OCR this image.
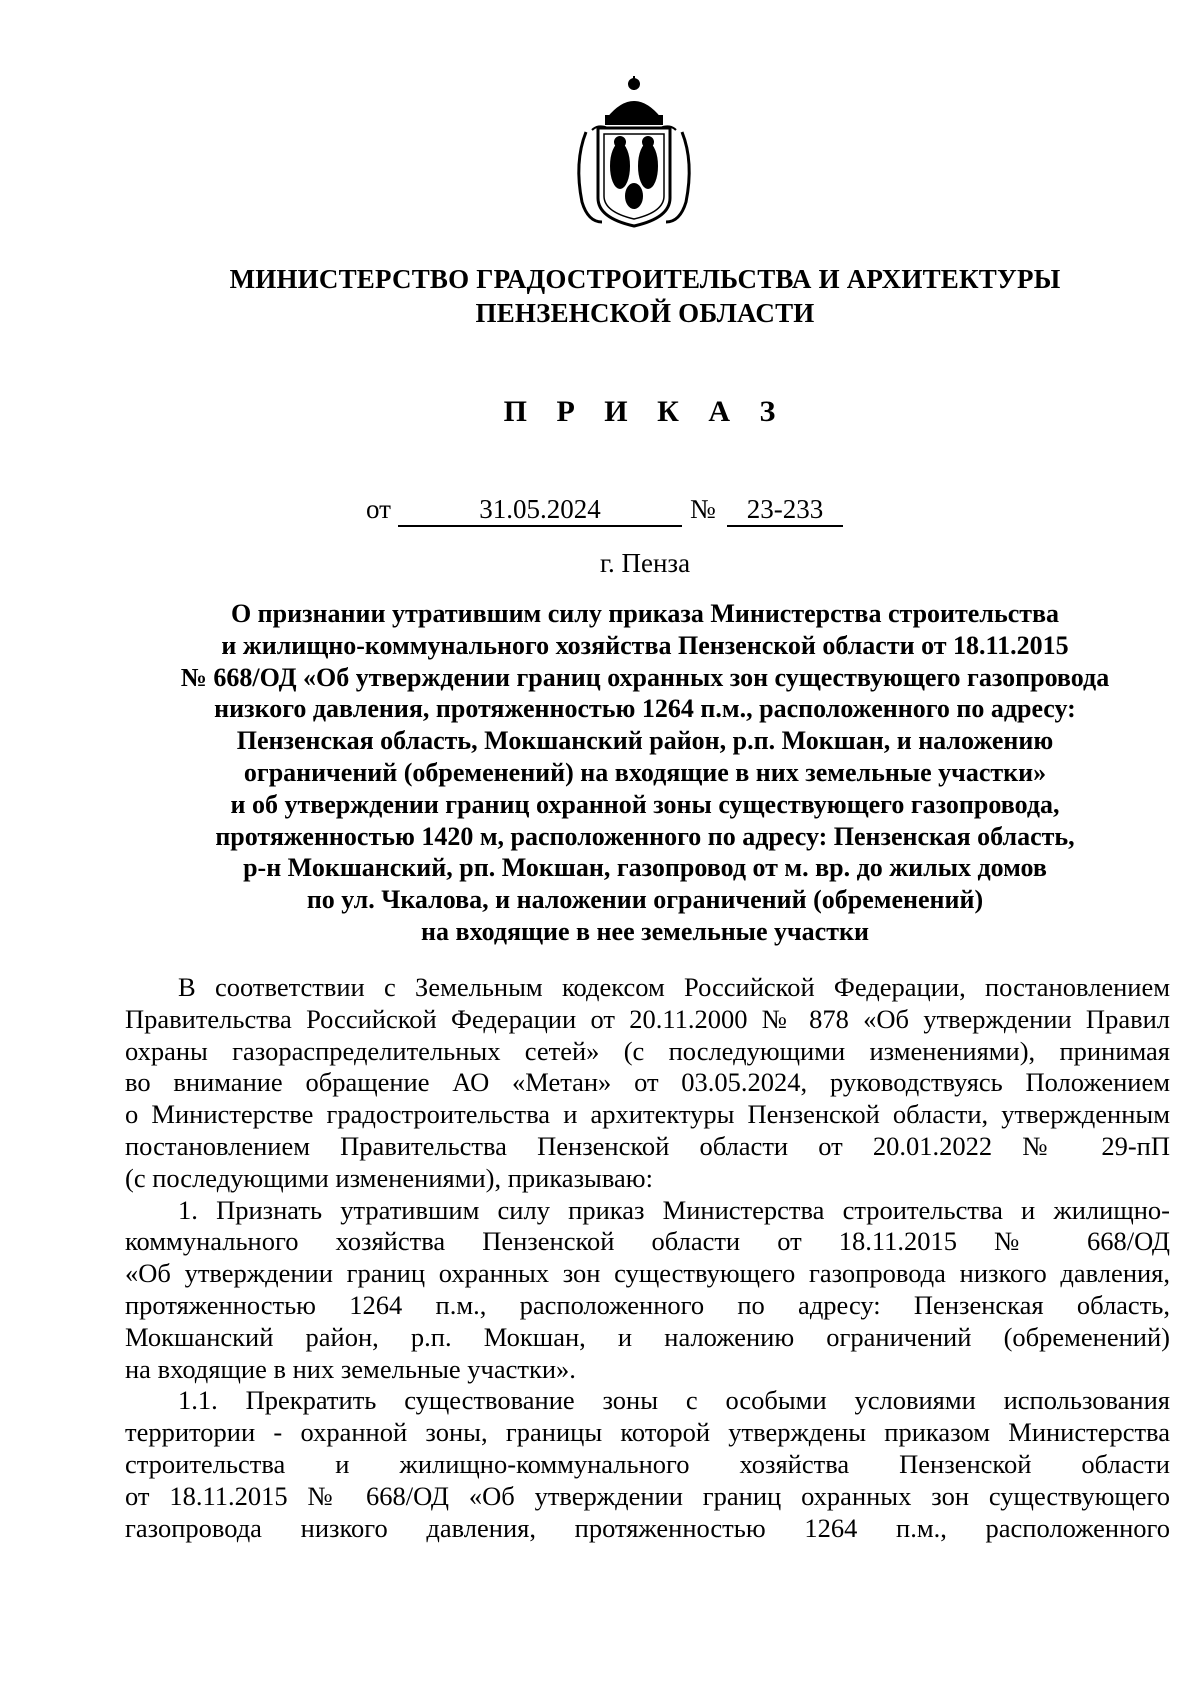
МИНИСТЕРСТВО ГРАДОСТРОИТЕЛЬСТВА И АРХИТЕКТУРЫ
ПЕНЗЕНСКОЙ ОБЛАСТИ
П Р И К А З
от	31.05.2024	№	23-233
г. Пенза
О признании утратившим силу приказа Министерства строительства
и жилищно-коммунального хозяйства Пензенской области от 18.11.2015
№ 668/ОД «Об утверждении границ охранных зон существующего газопровода
низкого давления, протяженностью 1264 п.м., расположенного по адресу:
Пензенская область, Мокшанский район, р.п. Мокшан, и наложению
ограничений (обременений) на входящие в них земельные участки»
и об утверждении границ охранной зоны существующего газопровода,
протяженностью 1420 м, расположенного по адресу: Пензенская область,
р-н Мокшанский, рп. Мокшан, газопровод от м. вр. до жилых домов
по ул. Чкалова, и наложении ограничений (обременений)
на входящие в нее земельные участки
В соответствии с Земельным кодексом Российской Федерации, постановлением
Правительства Российской Федерации от 20.11.2000 № 878 «Об утверждении Правил
охраны газораспределительных сетей» (с последующими изменениями), принимая
во внимание обращение АО «Метан» от 03.05.2024, руководствуясь Положением
о Министерстве градостроительства и архитектуры Пензенской области, утвержденным
постановлением Правительства Пензенской области от 20.01.2022 № 29-пП
(с последующими изменениями), приказываю:
1. Признать утратившим силу приказ Министерства строительства и жилищно-
коммунального хозяйства Пензенской области от 18.11.2015 № 668/ОД
«Об утверждении границ охранных зон существующего газопровода низкого давления,
протяженностью 1264 п.м., расположенного по адресу: Пензенская область,
Мокшанский район, р.п. Мокшан, и наложению ограничений (обременений)
на входящие в них земельные участки».
1.1. Прекратить существование зоны с особыми условиями использования
территории - охранной зоны, границы которой утверждены приказом Министерства
строительства и жилищно-коммунального хозяйства Пензенской области
от 18.11.2015 № 668/ОД «Об утверждении границ охранных зон существующего
газопровода низкого давления, протяженностью 1264 п.м., расположенного
